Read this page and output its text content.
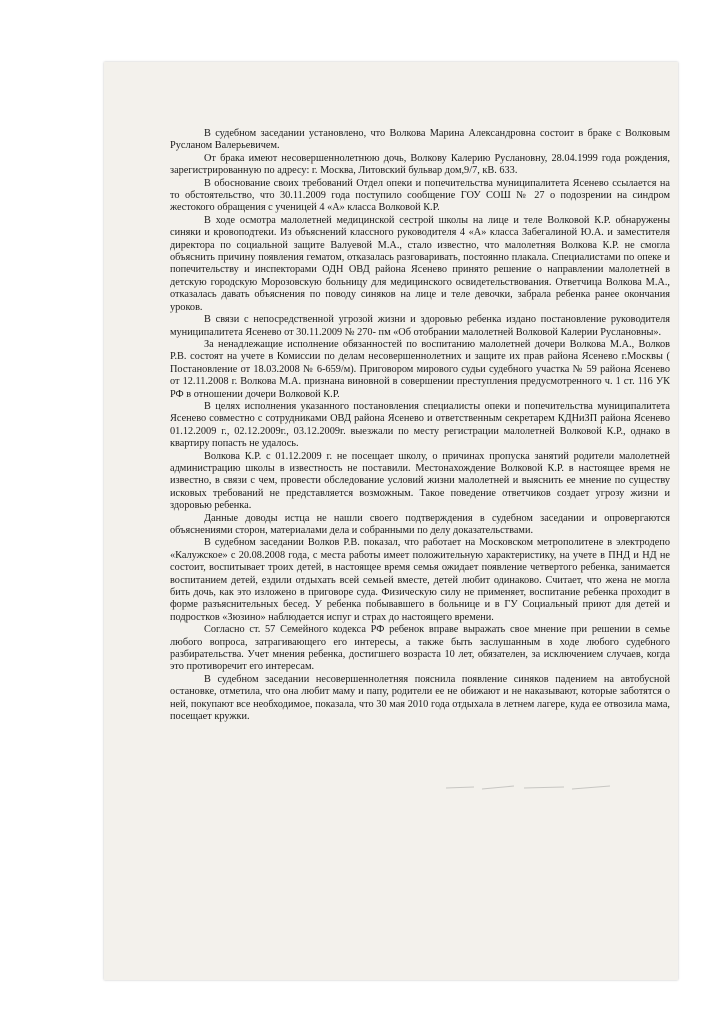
В судебном заседании установлено, что Волкова Марина Александровна состоит в браке с Волковым Русланом Валерьевичем.

От брака имеют несовершеннолетнюю дочь, Волкову Калерию Руслановну, 28.04.1999 года рождения, зарегистрированную по адресу: г. Москва, Литовский бульвар дом,9/7, кВ. 633.

В обоснование своих требований Отдел опеки и попечительства муниципалитета Ясенево ссылается на то обстоятельство, что 30.11.2009 года поступило сообщение ГОУ СОШ № 27 о подозрении на синдром жестокого обращения с ученицей 4 «А» класса Волковой К.Р.

В ходе осмотра малолетней медицинской сестрой школы на лице и теле Волковой К.Р. обнаружены синяки и кровоподтеки. Из объяснений классного руководителя 4 «А» класса Забегалиной Ю.А. и заместителя директора по социальной защите Валуевой М.А., стало известно, что малолетняя Волкова К.Р. не смогла объяснить причину появления гематом, отказалась разговаривать, постоянно плакала. Специалистами по опеке и попечительству и инспекторами ОДН ОВД района Ясенево принято решение о направлении малолетней в детскую городскую Морозовскую больницу для медицинского освидетельствования. Ответчица Волкова М.А., отказалась давать объяснения по поводу синяков на лице и теле девочки, забрала ребенка ранее окончания уроков.

В связи с непосредственной угрозой жизни и здоровью ребенка издано постановление руководителя муниципалитета Ясенево от 30.11.2009 № 270- пм «Об отобрании малолетней Волковой Калерии Руслановны».

За ненадлежащие исполнение обязанностей по воспитанию малолетней дочери Волкова М.А., Волков Р.В. состоят на учете в Комиссии по делам несовершеннолетних и защите их прав района Ясенево г.Москвы ( Постановление от 18.03.2008 № 6-659/м). Приговором мирового судьи судебного участка № 59 района Ясенево от 12.11.2008 г. Волкова М.А. признана виновной в совершении преступления предусмотренного ч. 1 ст. 116 УК РФ в отношении дочери Волковой К.Р.

В целях исполнения указанного постановления специалисты опеки и попечительства муниципалитета Ясенево совместно с сотрудниками ОВД района Ясенево и ответственным секретарем КДНиЗП района Ясенево 01.12.2009 г., 02.12.2009г., 03.12.2009г. выезжали по месту регистрации малолетней Волковой К.Р., однако в квартиру попасть не удалось.

Волкова К.Р. с 01.12.2009 г. не посещает школу, о причинах пропуска занятий родители малолетней администрацию школы в известность не поставили. Местонахождение Волковой К.Р. в настоящее время не известно, в связи с чем, провести обследование условий жизни малолетней и выяснить ее мнение по существу исковых требований не представляется возможным. Такое поведение ответчиков создает угрозу жизни и здоровью ребенка.

Данные доводы истца не нашли своего подтверждения в судебном заседании и опровергаются объяснениями сторон, материалами дела и собранными по делу доказательствами.

В судебном заседании Волков Р.В. показал, что работает на Московском метрополитене в электродепо «Калужское» с 20.08.2008 года, с места работы имеет положительную характеристику, на учете в ПНД и НД не состоит, воспитывает троих детей, в настоящее время семья ожидает появление четвертого ребенка, занимается воспитанием детей, ездили отдыхать всей семьей вместе, детей любит одинаково. Считает, что жена не могла бить дочь, как это изложено в приговоре суда. Физическую силу не применяет, воспитание ребенка проходит в форме разъяснительных бесед. У ребенка побывавшего в больнице и в ГУ Социальный приют для детей и подростков «Зюзино» наблюдается испуг и страх до настоящего времени.

Согласно ст. 57 Семейного кодекса РФ ребенок вправе выражать свое мнение при решении в семье любого вопроса, затрагивающего его интересы, а также быть заслушанным в ходе любого судебного разбирательства. Учет мнения ребенка, достигшего возраста 10 лет, обязателен, за исключением случаев, когда это противоречит его интересам.

В судебном заседании несовершеннолетняя пояснила появление синяков падением на автобусной остановке, отметила, что она любит маму и папу, родители ее не обижают и не наказывают, которые заботятся о ней, покупают все необходимое, показала, что 30 мая 2010 года отдыхала в летнем лагере, куда ее отвозила мама, посещает кружки.
